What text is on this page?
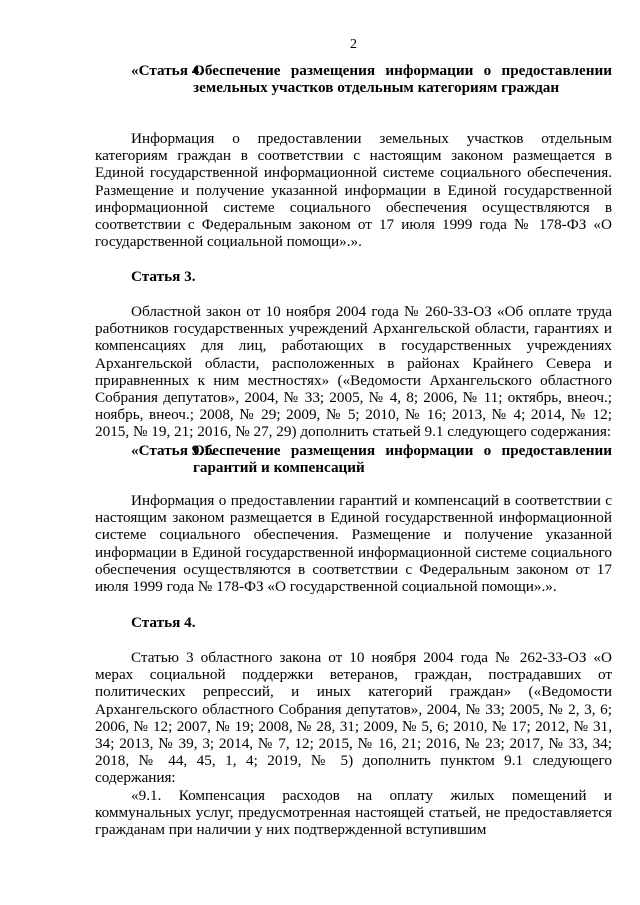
2
«Статья 4.
Обеспечение размещения информации о предоставлении земельных участков отдельным категориям граждан

Информация о предоставлении земельных участков отдельным категориям граждан в соответствии с настоящим законом размещается в Единой государственной информационной системе социального обеспечения. Размещение и получение указанной информации в Единой государственной информационной системе социального обеспечения осуществляются в соответствии с Федеральным законом от 17 июля 1999 года № 178-ФЗ «О государственной социальной помощи».».

Статья 3.

Областной закон от 10 ноября 2004 года № 260-33-ОЗ «Об оплате труда работников государственных учреждений Архангельской области, гарантиях и компенсациях для лиц, работающих в государственных учреждениях Архангельской области, расположенных в районах Крайнего Севера и приравненных к ним местностях» («Ведомости Архангельского областного Собрания депутатов», 2004, № 33; 2005, № 4, 8; 2006, № 11; октябрь, внеоч.; ноябрь, внеоч.; 2008, № 29; 2009, № 5; 2010, № 16; 2013, № 4; 2014, № 12; 2015, № 19, 21; 2016, № 27, 29) дополнить статьей 9.1 следующего содержания:

«Статья 9.1.
Обеспечение размещения информации о предоставлении гарантий и компенсаций

Информация о предоставлении гарантий и компенсаций в соответствии с настоящим законом размещается в Единой государственной информационной системе социального обеспечения. Размещение и получение указанной информации в Единой государственной информационной системе социального обеспечения осуществляются в соответствии с Федеральным законом от 17 июля 1999 года № 178-ФЗ «О государственной социальной помощи».».

Статья 4.

Статью 3 областного закона от 10 ноября 2004 года № 262-33-ОЗ «О мерах социальной поддержки ветеранов, граждан, пострадавших от политических репрессий, и иных категорий граждан» («Ведомости Архангельского областного Собрания депутатов», 2004, № 33; 2005, № 2, 3, 6; 2006, № 12; 2007, № 19; 2008, № 28, 31; 2009, № 5, 6; 2010, № 17; 2012, № 31, 34; 2013, № 39, 3; 2014, № 7, 12; 2015, № 16, 21; 2016, № 23; 2017, № 33, 34; 2018, № 44, 45, 1, 4; 2019, № 5) дополнить пунктом 9.1 следующего содержания:

«9.1. Компенсация расходов на оплату жилых помещений и коммунальных услуг, предусмотренная настоящей статьей, не предоставляется гражданам при наличии у них подтвержденной вступившим
